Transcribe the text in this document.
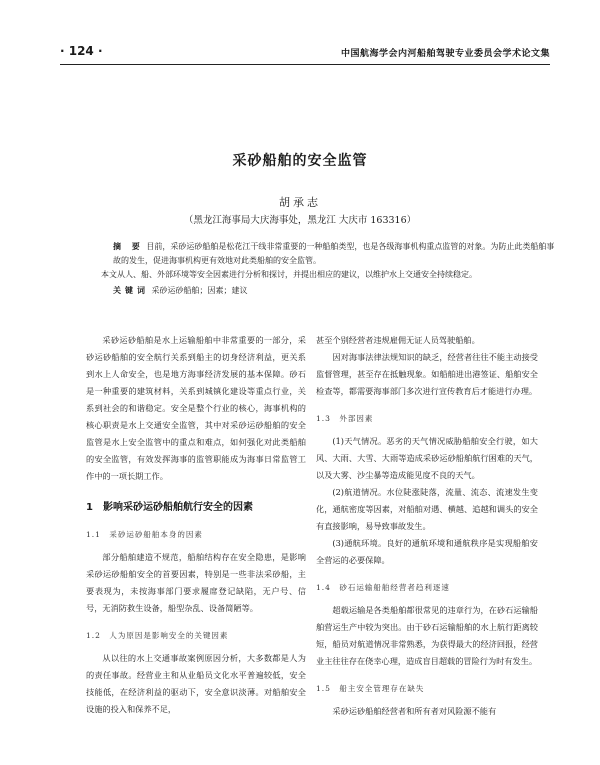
· 124 ·	中国航海学会内河船舶驾驶专业委员会学术论文集
采砂船舶的安全监管
胡承志
（黑龙江海事局大庆海事处，黑龙江 大庆市 163316）

摘 要 目前，采砂运砂船舶是松花江干线非常重要的一种船舶类型，也是各级海事机构重点监管的对象。为防止此类船舶事故的发生，促进海事机构更有效地对此类船舶的安全监管。

本文从人、船、外部环境等安全因素进行分析和探讨，并提出相应的建议，以维护水上交通安全持续稳定。

关键词 采砂运砂船舶；因素；建议

采砂运砂船舶是水上运输船舶中非常重要的一部分，采砂运砂船舶的安全航行关系到船主的切身经济利益，更关系到水上人命安全，也是地方海事经济发展的基本保障。砂石是一种重要的建筑材料，关系到城镇化建设等重点行业，关系到社会的和谐稳定。安全是整个行业的核心，海事机构的核心职责是水上交通安全监管，其中对采砂运砂船舶的安全监管是水上安全监管中的重点和难点，如何强化对此类船舶的安全监管，有效发挥海事的监管职能成为海事日常监管工作中的一项长期工作。

1　影响采砂运砂船舶航行安全的因素
1.1　采砂运砂船舶本身的因素

部分船舶建造不规范，船舶结构存在安全隐患，是影响采砂运砂船舶安全的首要因素，特别是一些非法采砂船，主要表现为，未按海事部门要求履席登记缺陷，无户号、信号，无消防救生设备，船型杂乱、设备简陋等。

1.2　人为原因是影响安全的关键因素

从以往的水上交通事故案例原因分析，大多数都是人为的责任事故。经营业主和从业船员文化水平普遍较低，安全技能低，在经济利益的驱动下，安全意识淡薄。对船舶安全设施的投入和保养不足，

甚至个别经营者违规雇佣无证人员驾驶船舶。

因对海事法律法规知识的缺乏，经营者往往不能主动接受监督管理，甚至存在抵触现象。如船舶进出港签证、船舶安全检查等，都需要海事部门多次进行宣传教育后才能进行办理。

1.3　外部因素

(1)天气情况。恶劣的天气情况威胁船舶安全行驶，如大风、大雨、大雪、大雨等造成采砂运砂船舶航行困难的天气，以及大雾、沙尘暴等造成能见度不良的天气。

(2)航道情况。水位陡涨陡落，流量、流态、流速发生变化，通航密度等因素，对船舶对遇、横越、追越和调头的安全有直接影响，易导致事故发生。

(3)通航环境。良好的通航环境和通航秩序是实现船舶安全营运的必要保障。

1.4　砂石运输船舶经营者趋利逐速

超载运输是各类船舶都很常见的违章行为，在砂石运输船舶营运生产中较为突出。由于砂石运输船舶的水上航行距离较短，船员对航道情况非常熟悉，为获得最大的经济回报，经营业主往往存在侥幸心理，造成盲目超载的冒险行为时有发生。

1.5　船主安全管理存在缺失

采砂运砂船舶经营者和所有者对风险源不能有
